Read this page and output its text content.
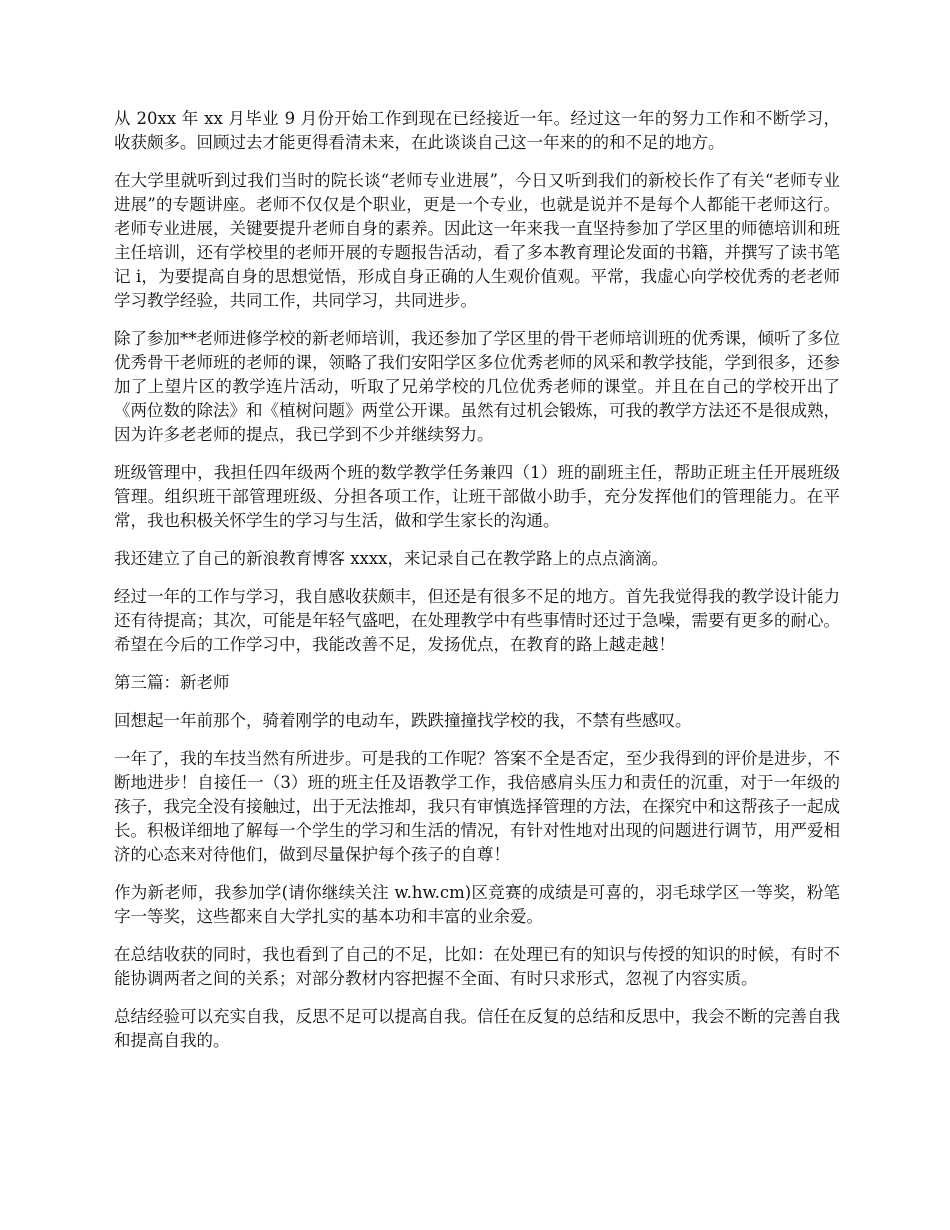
从 20xx 年 xx 月毕业 9 月份开始工作到现在已经接近一年。经过这一年的努力工作和不断学习，收获颇多。回顾过去才能更得看清未来，在此谈谈自己这一年来的的和不足的地方。

在大学里就听到过我们当时的院长谈“老师专业进展”，今日又听到我们的新校长作了有关“老师专业进展”的专题讲座。老师不仅仅是个职业，更是一个专业，也就是说并不是每个人都能干老师这行。老师专业进展，关键要提升老师自身的素养。因此这一年来我一直坚持参加了学区里的师德培训和班主任培训，还有学校里的老师开展的专题报告活动，看了多本教育理论发面的书籍，并撰写了读书笔记 i，为要提高自身的思想觉悟，形成自身正确的人生观价值观。平常，我虚心向学校优秀的老老师学习教学经验，共同工作，共同学习，共同进步。

除了参加**老师进修学校的新老师培训，我还参加了学区里的骨干老师培训班的优秀课，倾听了多位优秀骨干老师班的老师的课，领略了我们安阳学区多位优秀老师的风采和教学技能，学到很多，还参加了上望片区的教学连片活动，听取了兄弟学校的几位优秀老师的课堂。并且在自己的学校开出了《两位数的除法》和《植树问题》两堂公开课。虽然有过机会锻炼，可我的教学方法还不是很成熟，因为许多老老师的提点，我已学到不少并继续努力。

班级管理中，我担任四年级两个班的数学教学任务兼四（1）班的副班主任，帮助正班主任开展班级管理。组织班干部管理班级、分担各项工作，让班干部做小助手，充分发挥他们的管理能力。在平常，我也积极关怀学生的学习与生活，做和学生家长的沟通。

我还建立了自己的新浪教育博客 xxxx，来记录自己在教学路上的点点滴滴。

经过一年的工作与学习，我自感收获颇丰，但还是有很多不足的地方。首先我觉得我的教学设计能力还有待提高；其次，可能是年轻气盛吧，在处理教学中有些事情时还过于急噪，需要有更多的耐心。希望在今后的工作学习中，我能改善不足，发扬优点，在教育的路上越走越！

第三篇：新老师

回想起一年前那个，骑着刚学的电动车，跌跌撞撞找学校的我，不禁有些感叹。

一年了，我的车技当然有所进步。可是我的工作呢？答案不全是否定，至少我得到的评价是进步，不断地进步！自接任一（3）班的班主任及语教学工作，我倍感肩头压力和责任的沉重，对于一年级的孩子，我完全没有接触过，出于无法推却，我只有审慎选择管理的方法，在探究中和这帮孩子一起成长。积极详细地了解每一个学生的学习和生活的情况，有针对性地对出现的问题进行调节，用严爱相济的心态来对待他们，做到尽量保护每个孩子的自尊！

作为新老师，我参加学(请你继续关注 w.hw.cm)区竞赛的成绩是可喜的，羽毛球学区一等奖，粉笔字一等奖，这些都来自大学扎实的基本功和丰富的业余爱。

在总结收获的同时，我也看到了自己的不足，比如：在处理已有的知识与传授的知识的时候，有时不能协调两者之间的关系；对部分教材内容把握不全面、有时只求形式，忽视了内容实质。

总结经验可以充实自我，反思不足可以提高自我。信任在反复的总结和反思中，我会不断的完善自我和提高自我的。
